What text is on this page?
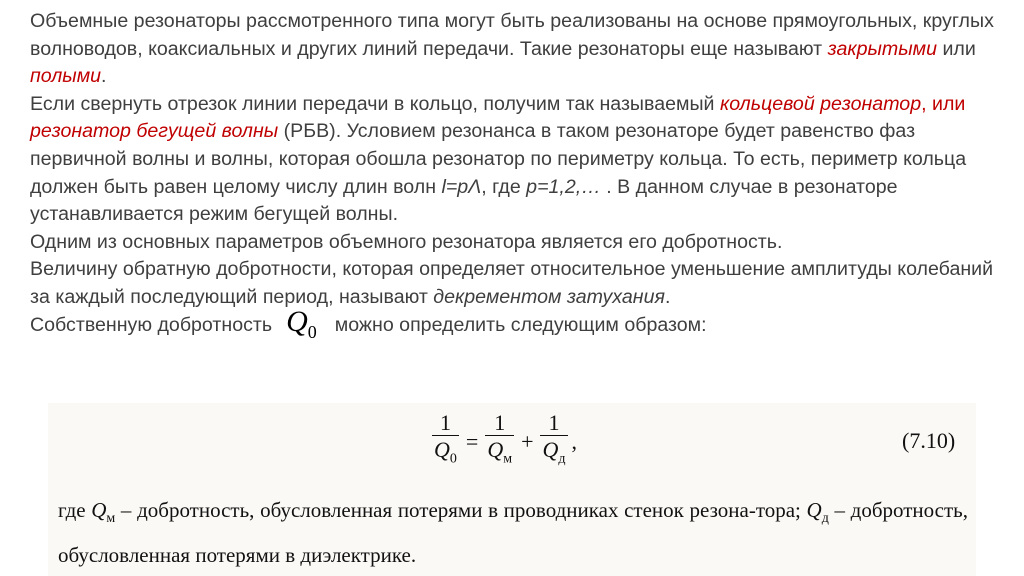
Объемные резонаторы рассмотренного типа могут быть реализованы на основе прямоугольных, круглых волноводов, коаксиальных и других линий передачи. Такие резонаторы еще называют закрытыми или полыми.

Если свернуть отрезок линии передачи в кольцо, получим так называемый кольцевой резонатор, или резонатор бегущей волны (РБВ). Условием резонанса в таком резонаторе будет равенство фаз первичной волны и волны, которая обошла резонатор по периметру кольца. То есть, периметр кольца должен быть равен целому числу длин волн l=pΛ, где p=1,2,… . В данном случае в резонаторе устанавливается режим бегущей волны.

Одним из основных параметров объемного резонатора является его добротность.

Величину обратную добротности, которая определяет относительное уменьшение амплитуды колебаний за каждый последующий период, называют декрементом затухания.

Собственную добротность $Q_0$ можно определить следующим образом:

$\frac{1}{Q_0} = \frac{1}{Q_м} + \frac{1}{Q_д}$ ,	(7.10)
где $Q_м$ – добротность, обусловленная потерями в проводниках стенок резона-тора; $Q_д$ – добротность, обусловленная потерями в диэлектрике.
